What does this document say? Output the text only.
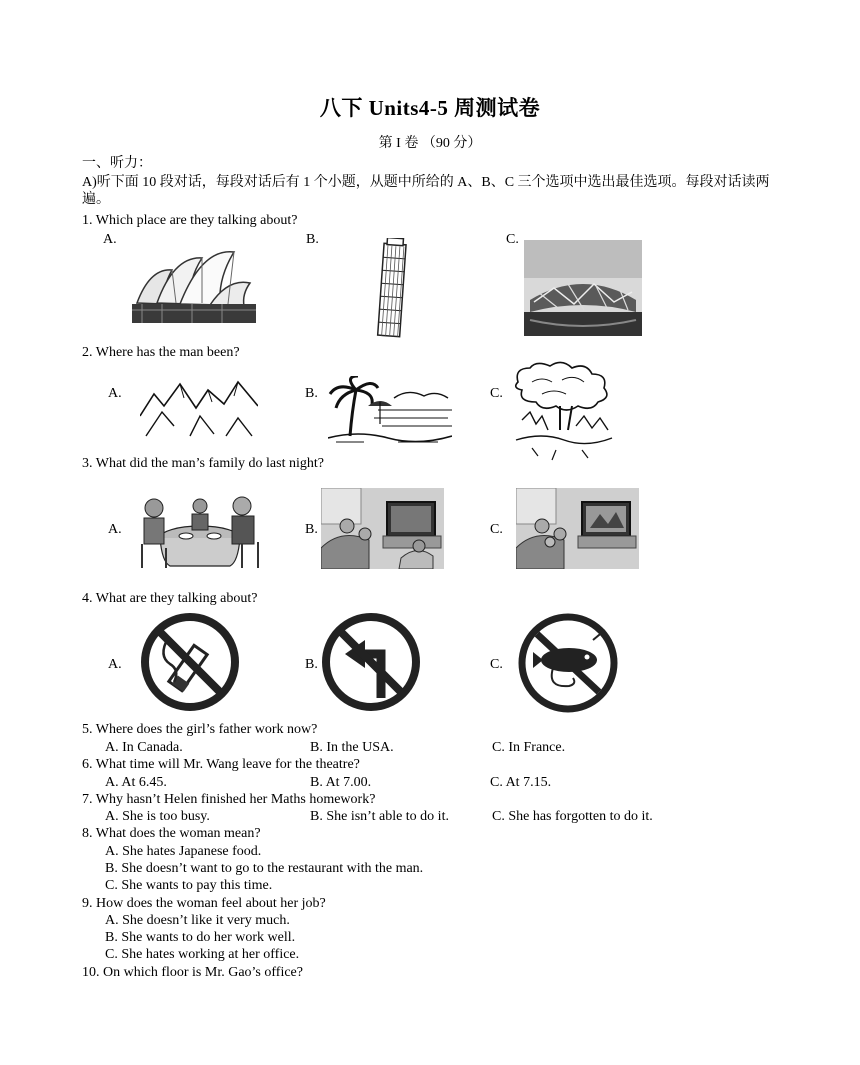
八下 Units4-5 周测试卷
第 I 卷 （90 分）
一、听力：
A)听下面 10 段对话，每段对话后有 1 个小题，从题中所给的 A、B、C 三个选项中选出最佳选项。每段对话读两遍。
1. Which place are they talking about?
A.	B.	C.
2. Where has the man been?
A.	B.	C.
3. What did the man’s family do last night?
A.	B.	C.
4. What are they talking about?
A.	B.	C.
5. Where does the girl’s father work now?
A. In Canada.	B. In the USA.	C. In France.
6. What time will Mr. Wang leave for the theatre?
A. At 6.45.	B. At 7.00.	C. At 7.15.
7. Why hasn’t Helen finished her Maths homework?
A. She is too busy.	B. She isn’t able to do it.	C. She has forgotten to do it.
8. What does the woman mean?
A. She hates Japanese food.
B. She doesn’t want to go to the restaurant with the man.
C. She wants to pay this time.
9. How does the woman feel about her job?
A. She doesn’t like it very much.
B. She wants to do her work well.
C. She hates working at her office.
10. On which floor is Mr. Gao’s office?
